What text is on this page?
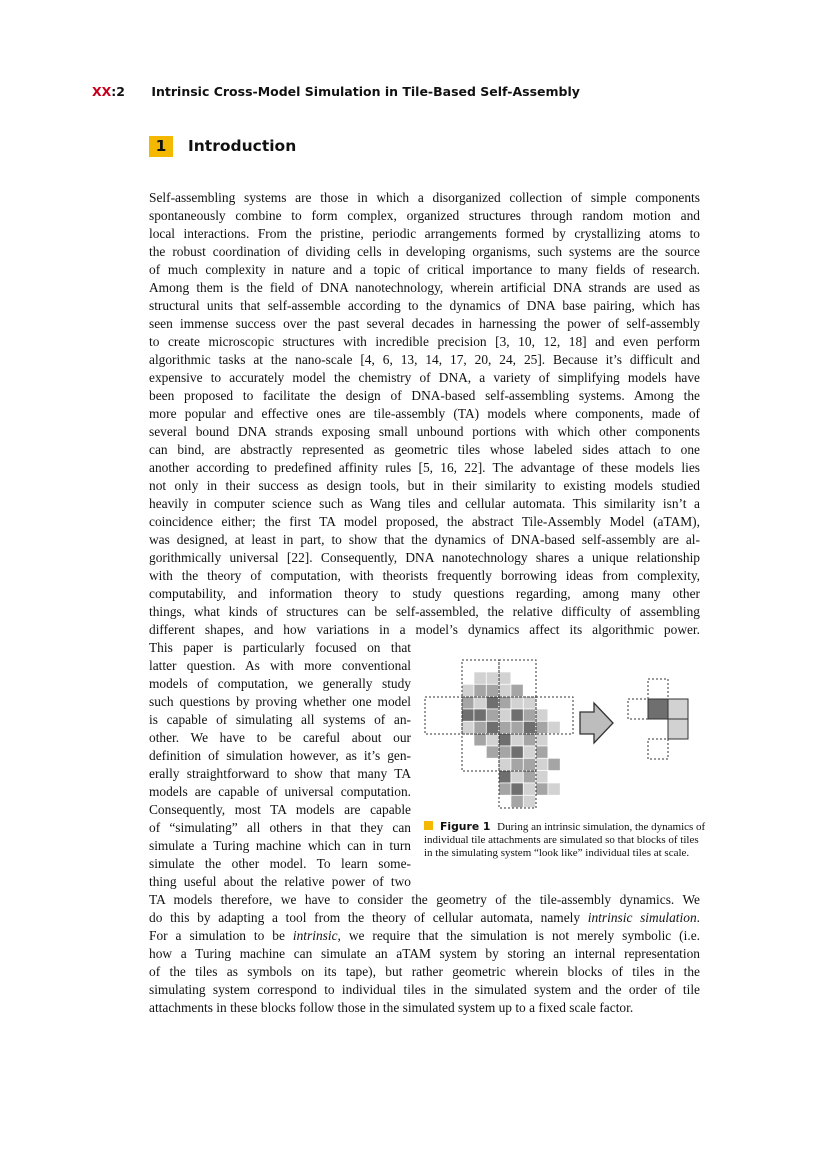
XX:2 Intrinsic Cross-Model Simulation in Tile-Based Self-Assembly
1 Introduction
Self-assembling systems are those in which a disorganized collection of simple components
spontaneously combine to form complex, organized structures through random motion and
local interactions. From the pristine, periodic arrangements formed by crystallizing atoms to
the robust coordination of dividing cells in developing organisms, such systems are the source
of much complexity in nature and a topic of critical importance to many fields of research.
Among them is the field of DNA nanotechnology, wherein artificial DNA strands are used as
structural units that self-assemble according to the dynamics of DNA base pairing, which has
seen immense success over the past several decades in harnessing the power of self-assembly
to create microscopic structures with incredible precision [3, 10, 12, 18] and even perform
algorithmic tasks at the nano-scale [4, 6, 13, 14, 17, 20, 24, 25]. Because it’s difficult and
expensive to accurately model the chemistry of DNA, a variety of simplifying models have
been proposed to facilitate the design of DNA-based self-assembling systems. Among the
more popular and effective ones are tile-assembly (TA) models where components, made of
several bound DNA strands exposing small unbound portions with which other components
can bind, are abstractly represented as geometric tiles whose labeled sides attach to one
another according to predefined affinity rules [5, 16, 22]. The advantage of these models lies
not only in their success as design tools, but in their similarity to existing models studied
heavily in computer science such as Wang tiles and cellular automata. This similarity isn’t a
coincidence either; the first TA model proposed, the abstract Tile-Assembly Model (aTAM),
was designed, at least in part, to show that the dynamics of DNA-based self-assembly are al-
gorithmically universal [22]. Consequently, DNA nanotechnology shares a unique relationship
with the theory of computation, with theorists frequently borrowing ideas from complexity,
computability, and information theory to study questions regarding, among many other
things, what kinds of structures can be self-assembled, the relative difficulty of assembling
different shapes, and how variations in a model’s dynamics affect its algorithmic power.
This paper is particularly focused on that
latter question. As with more conventional
models of computation, we generally study
such questions by proving whether one model
is capable of simulating all systems of an-
other. We have to be careful about our
definition of simulation however, as it’s gen-
erally straightforward to show that many TA
models are capable of universal computation.
Consequently, most TA models are capable
of “simulating” all others in that they can
simulate a Turing machine which can in turn
simulate the other model. To learn some-
thing useful about the relative power of two
TA models therefore, we have to consider the geometry of the tile-assembly dynamics. We
do this by adapting a tool from the theory of cellular automata, namely intrinsic simulation.
For a simulation to be intrinsic, we require that the simulation is not merely symbolic (i.e.
how a Turing machine can simulate an aTAM system by storing an internal representation
of the tiles as symbols on its tape), but rather geometric wherein blocks of tiles in the
simulating system correspond to individual tiles in the simulated system and the order of tile
attachments in these blocks follow those in the simulated system up to a fixed scale factor.
Figure 1 During an intrinsic simulation, the dynamics of individual tile attachments are simulated so that blocks of tiles in the simulating system “look like” individual tiles at scale.
